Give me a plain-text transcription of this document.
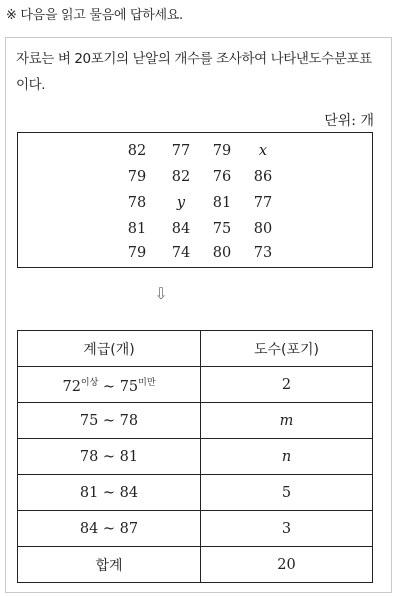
※ 다음을 읽고 물음에 답하세요.
자료는 벼 20포기의 낟알의 개수를 조사하여 나타낸도수분포표이다.
단위: 개
82	77	79	x
79	82	76	86
78	y	81	77
81	84	75	80
79	74	80	73
⇩
계급(개)	도수(포기)
$72^{이상}$ ~ $75^{미만}$	2
75 ~ 78	m
78 ~ 81	n
81 ~ 84	5
84 ~ 87	3
합계	20
